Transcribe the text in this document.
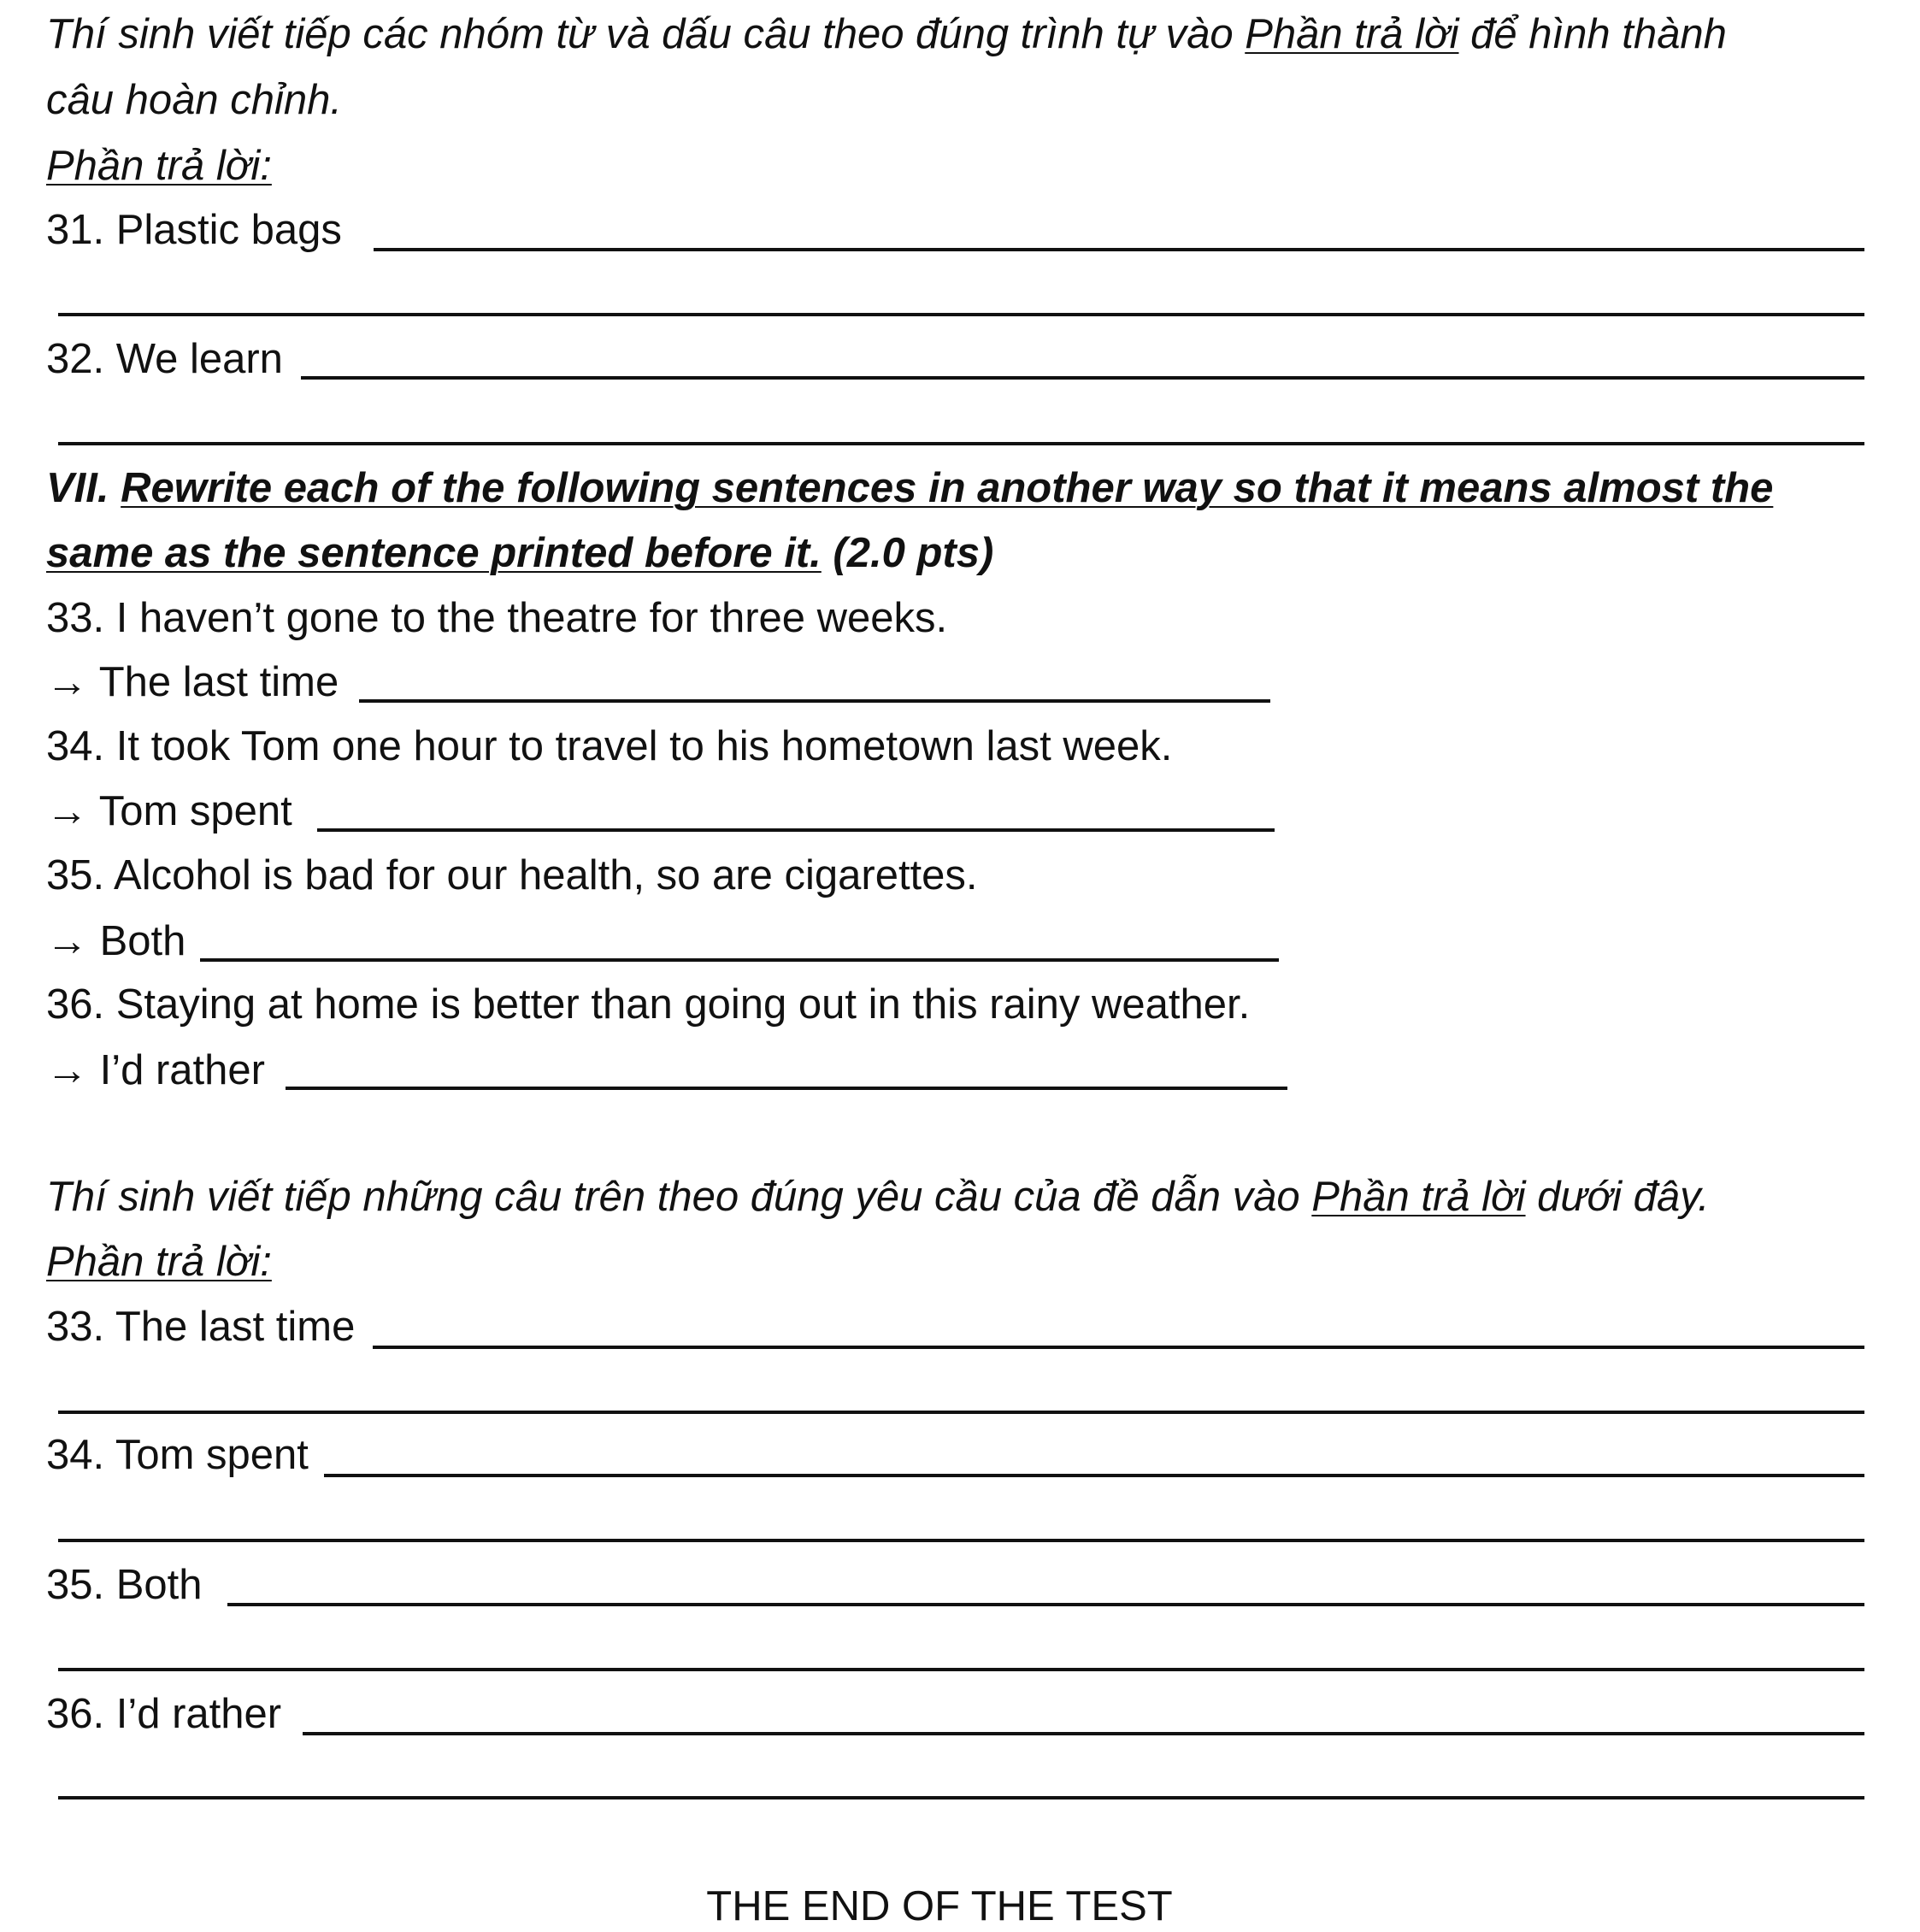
Thí sinh viết tiếp các nhóm từ và dấu câu theo đúng trình tự vào Phần trả lời để hình thành
câu hoàn chỉnh.
Phần trả lời:
31. Plastic bags
32. We learn
VII. Rewrite each of the following sentences in another way so that it means almost the
same as the sentence printed before it. (2.0 pts)
33. I haven’t gone to the theatre for three weeks.
→ The last time
34. It took Tom one hour to travel to his hometown last week.
→ Tom spent
35. Alcohol is bad for our health, so are cigarettes.
→ Both
36. Staying at home is better than going out in this rainy weather.
→ I’d rather
Thí sinh viết tiếp những câu trên theo đúng yêu cầu của đề dẫn vào Phần trả lời dưới đây.
Phần trả lời:
33. The last time
34. Tom spent
35. Both
36. I’d rather
THE END OF THE TEST
